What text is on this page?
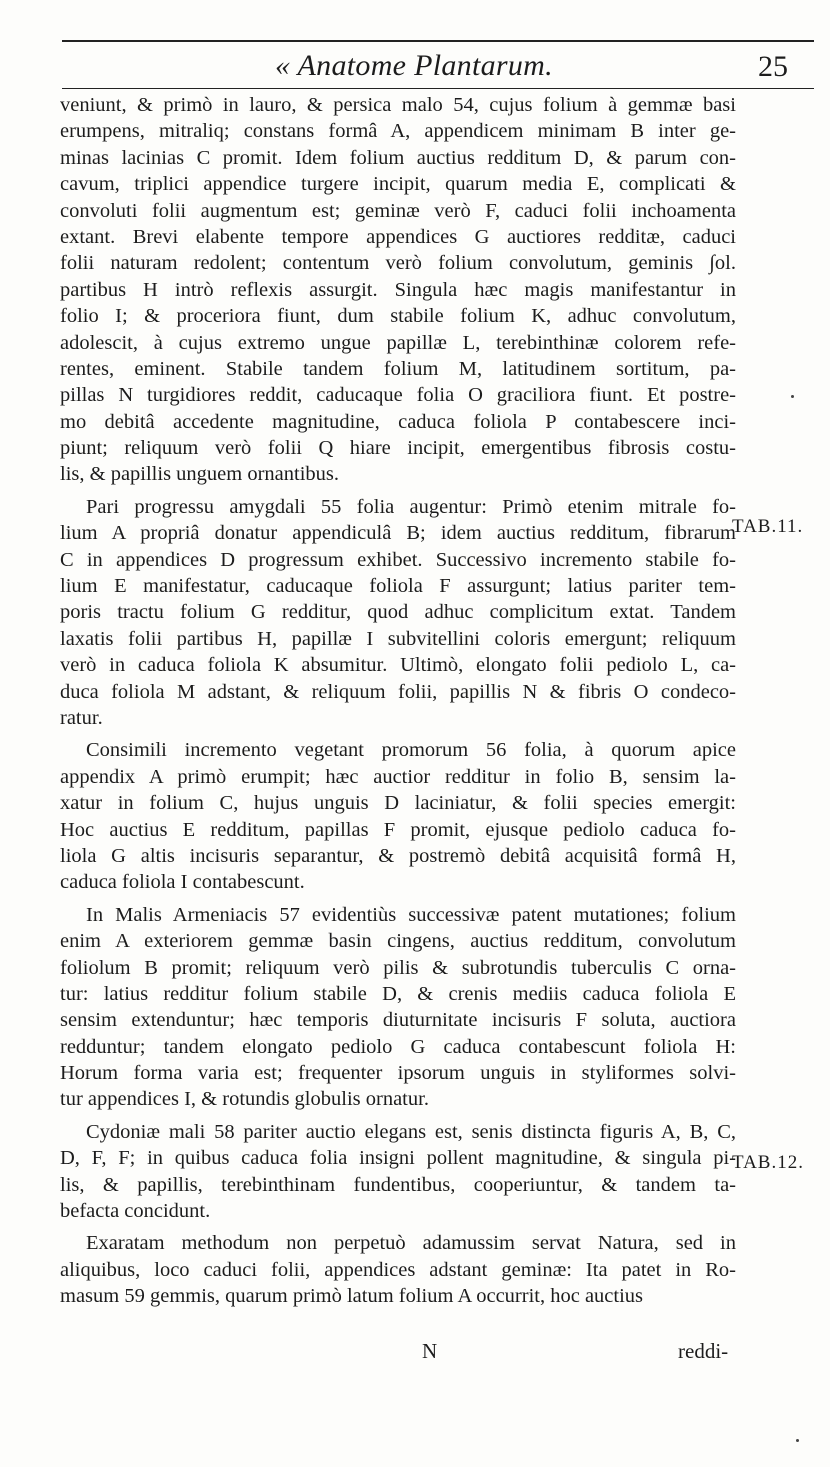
« Anatome Plantarum.	25
veniunt, & primò in lauro, & persica malo 54, cujus folium à gemmæ basi
erumpens, mitraliq; constans formâ A, appendicem minimam B inter ge-
minas lacinias C promit. Idem folium auctius redditum D, & parum con-
cavum, triplici appendice turgere incipit, quarum media E, complicati &
convoluti folii augmentum est; geminæ verò F, caduci folii inchoamenta
extant. Brevi elabente tempore appendices G auctiores redditæ, caduci
folii naturam redolent; contentum verò folium convolutum, geminis ∫ol.
partibus H intrò reflexis assurgit. Singula hæc magis manifestantur in
folio I; & proceriora fiunt, dum stabile folium K, adhuc convolutum,
adolescit, à cujus extremo ungue papillæ L, terebinthinæ colorem refe-
rentes, eminent. Stabile tandem folium M, latitudinem sortitum, pa-
pillas N turgidiores reddit, caducaque folia O graciliora fiunt. Et postre-
mo debitâ accedente magnitudine, caduca foliola P contabescere inci-
piunt; reliquum verò folii Q hiare incipit, emergentibus fibrosis costu-
lis, & papillis unguem ornantibus.
Pari progressu amygdali 55 folia augentur: Primò etenim mitrale fo-
lium A propriâ donatur appendiculâ B; idem auctius redditum, fibrarum
C in appendices D progressum exhibet. Successivo incremento stabile fo-
lium E manifestatur, caducaque foliola F assurgunt; latius pariter tem-
poris tractu folium G redditur, quod adhuc complicitum extat. Tandem
laxatis folii partibus H, papillæ I subvitellini coloris emergunt; reliquum
verò in caduca foliola K absumitur. Ultimò, elongato folii pediolo L, ca-
duca foliola M adstant, & reliquum folii, papillis N & fibris O condeco-
ratur.
Consimili incremento vegetant promorum 56 folia, à quorum apice
appendix A primò erumpit; hæc auctior redditur in folio B, sensim la-
xatur in folium C, hujus unguis D laciniatur, & folii species emergit:
Hoc auctius E redditum, papillas F promit, ejusque pediolo caduca fo-
liola G altis incisuris separantur, & postremò debitâ acquisitâ formâ H,
caduca foliola I contabescunt.
In Malis Armeniacis 57 evidentiùs successivæ patent mutationes; folium
enim A exteriorem gemmæ basin cingens, auctius redditum, convolutum
foliolum B promit; reliquum verò pilis & subrotundis tuberculis C orna-
tur: latius redditur folium stabile D, & crenis mediis caduca foliola E
sensim extenduntur; hæc temporis diuturnitate incisuris F soluta, auctiora
redduntur; tandem elongato pediolo G caduca contabescunt foliola H:
Horum forma varia est; frequenter ipsorum unguis in styliformes solvi-
tur appendices I, & rotundis globulis ornatur.
Cydoniæ mali 58 pariter auctio elegans est, senis distincta figuris A, B, C,
D, F, F; in quibus caduca folia insigni pollent magnitudine, & singula pi-
lis, & papillis, terebinthinam fundentibus, cooperiuntur, & tandem ta-
befacta concidunt.
Exaratam methodum non perpetuò adamussim servat Natura, sed in
aliquibus, loco caduci folii, appendices adstant geminæ: Ita patet in Ro-
masum 59 gemmis, quarum primò latum folium A occurrit, hoc auctius
TAB.11.
TAB.12.
N	reddi-
